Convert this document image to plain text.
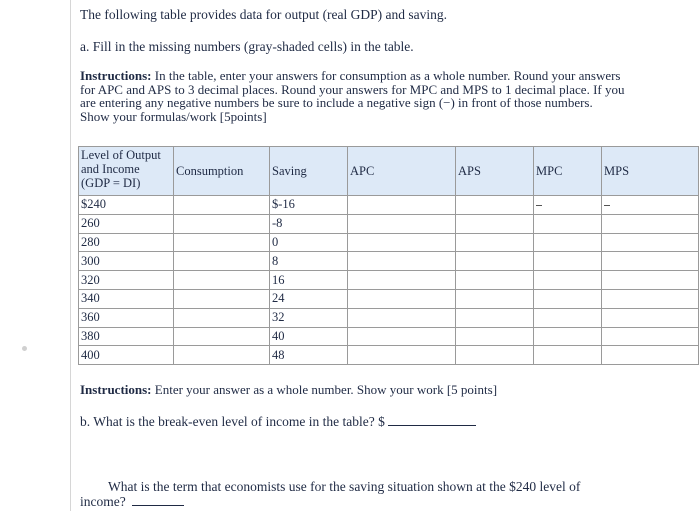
The following table provides data for output (real GDP) and saving.
a. Fill in the missing numbers (gray-shaded cells) in the table.
Instructions: In the table, enter your answers for consumption as a whole number. Round your answers for APC and APS to 3 decimal places. Round your answers for MPC and MPS to 1 decimal place. If you are entering any negative numbers be sure to include a negative sign (−) in front of those numbers. Show your formulas/work [5points]
Level of Output
and Income
(GDP = DI)	Consumption	Saving	APC	APS	MPC	MPS
$240		$-16				
260		-8				
280		0				
300		8				
320		16				
340		24				
360		32				
380		40				
400		48				
Instructions: Enter your answer as a whole number. Show your work [5 points]
b. What is the break-even level of income in the table? $
What is the term that economists use for the saving situation shown at the $240 level of
income?
